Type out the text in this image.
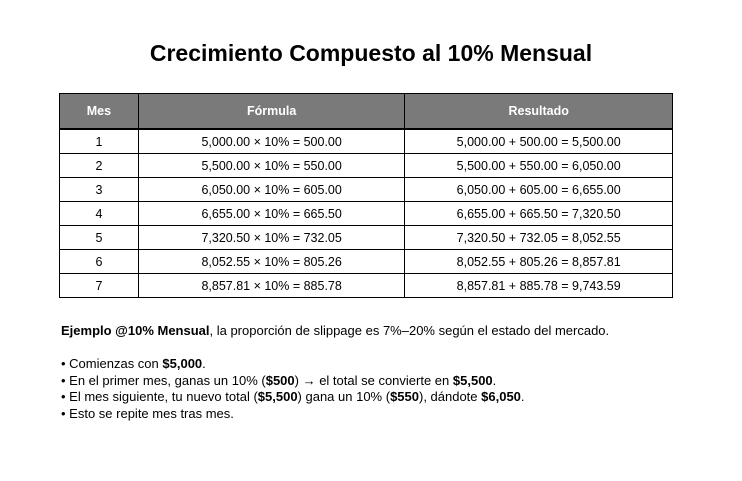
Crecimiento Compuesto al 10% Mensual
Mes	Fórmula	Resultado
1	5,000.00 × 10% = 500.00	5,000.00 + 500.00 = 5,500.00
2	5,500.00 × 10% = 550.00	5,500.00 + 550.00 = 6,050.00
3	6,050.00 × 10% = 605.00	6,050.00 + 605.00 = 6,655.00
4	6,655.00 × 10% = 665.50	6,655.00 + 665.50 = 7,320.50
5	7,320.50 × 10% = 732.05	7,320.50 + 732.05 = 8,052.55
6	8,052.55 × 10% = 805.26	8,052.55 + 805.26 = 8,857.81
7	8,857.81 × 10% = 885.78	8,857.81 + 885.78 = 9,743.59
Ejemplo @10% Mensual, la proporción de slippage es 7%–20% según el estado del mercado.
• Comienzas con $5,000.
• En el primer mes, ganas un 10% ($500) → el total se convierte en $5,500.
• El mes siguiente, tu nuevo total ($5,500) gana un 10% ($550), dándote $6,050.
• Esto se repite mes tras mes.
